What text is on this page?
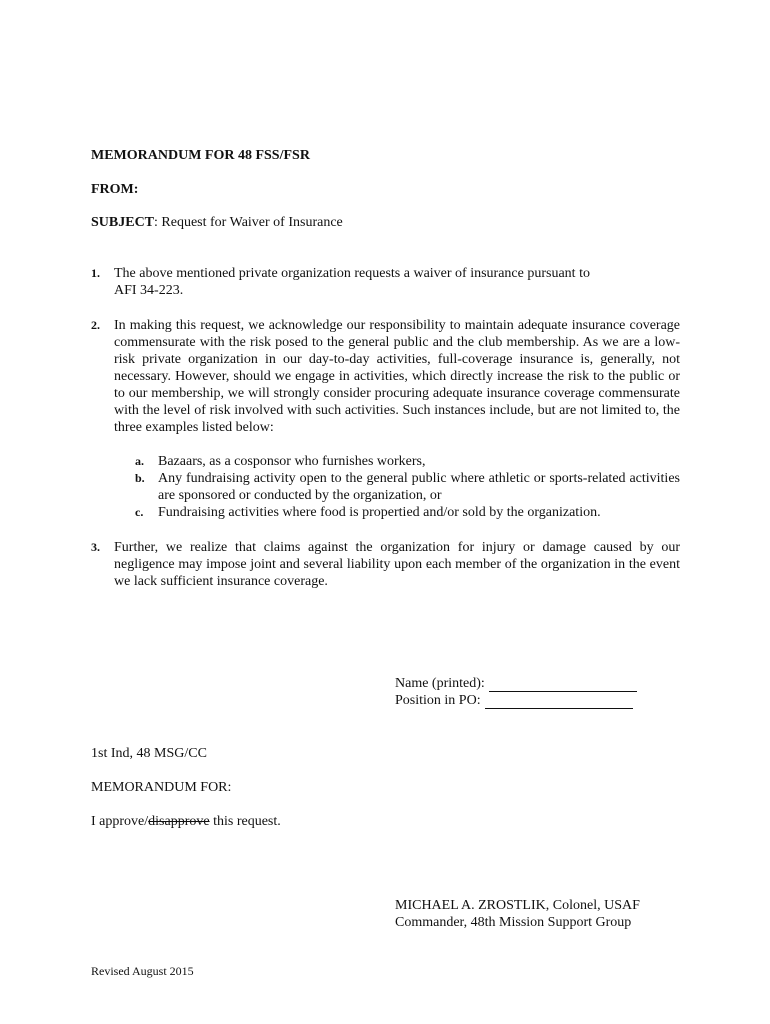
MEMORANDUM FOR 48 FSS/FSR
FROM:
SUBJECT: Request for Waiver of Insurance
1. The above mentioned private organization requests a waiver of insurance pursuant to AFI 34-223.
2. In making this request, we acknowledge our responsibility to maintain adequate insurance coverage commensurate with the risk posed to the general public and the club membership. As we are a low-risk private organization in our day-to-day activities, full-coverage insurance is, generally, not necessary. However, should we engage in activities, which directly increase the risk to the public or to our membership, we will strongly consider procuring adequate insurance coverage commensurate with the level of risk involved with such activities. Such instances include, but are not limited to, the three examples listed below:
a. Bazaars, as a cosponsor who furnishes workers,
b. Any fundraising activity open to the general public where athletic or sports-related activities are sponsored or conducted by the organization, or
c. Fundraising activities where food is propertied and/or sold by the organization.
3. Further, we realize that claims against the organization for injury or damage caused by our negligence may impose joint and several liability upon each member of the organization in the event we lack sufficient insurance coverage.
Name (printed):
Position in PO:
1st Ind, 48 MSG/CC
MEMORANDUM FOR:
I approve/disapprove this request.
MICHAEL A. ZROSTLIK, Colonel, USAF
Commander, 48th Mission Support Group
Revised August 2015
